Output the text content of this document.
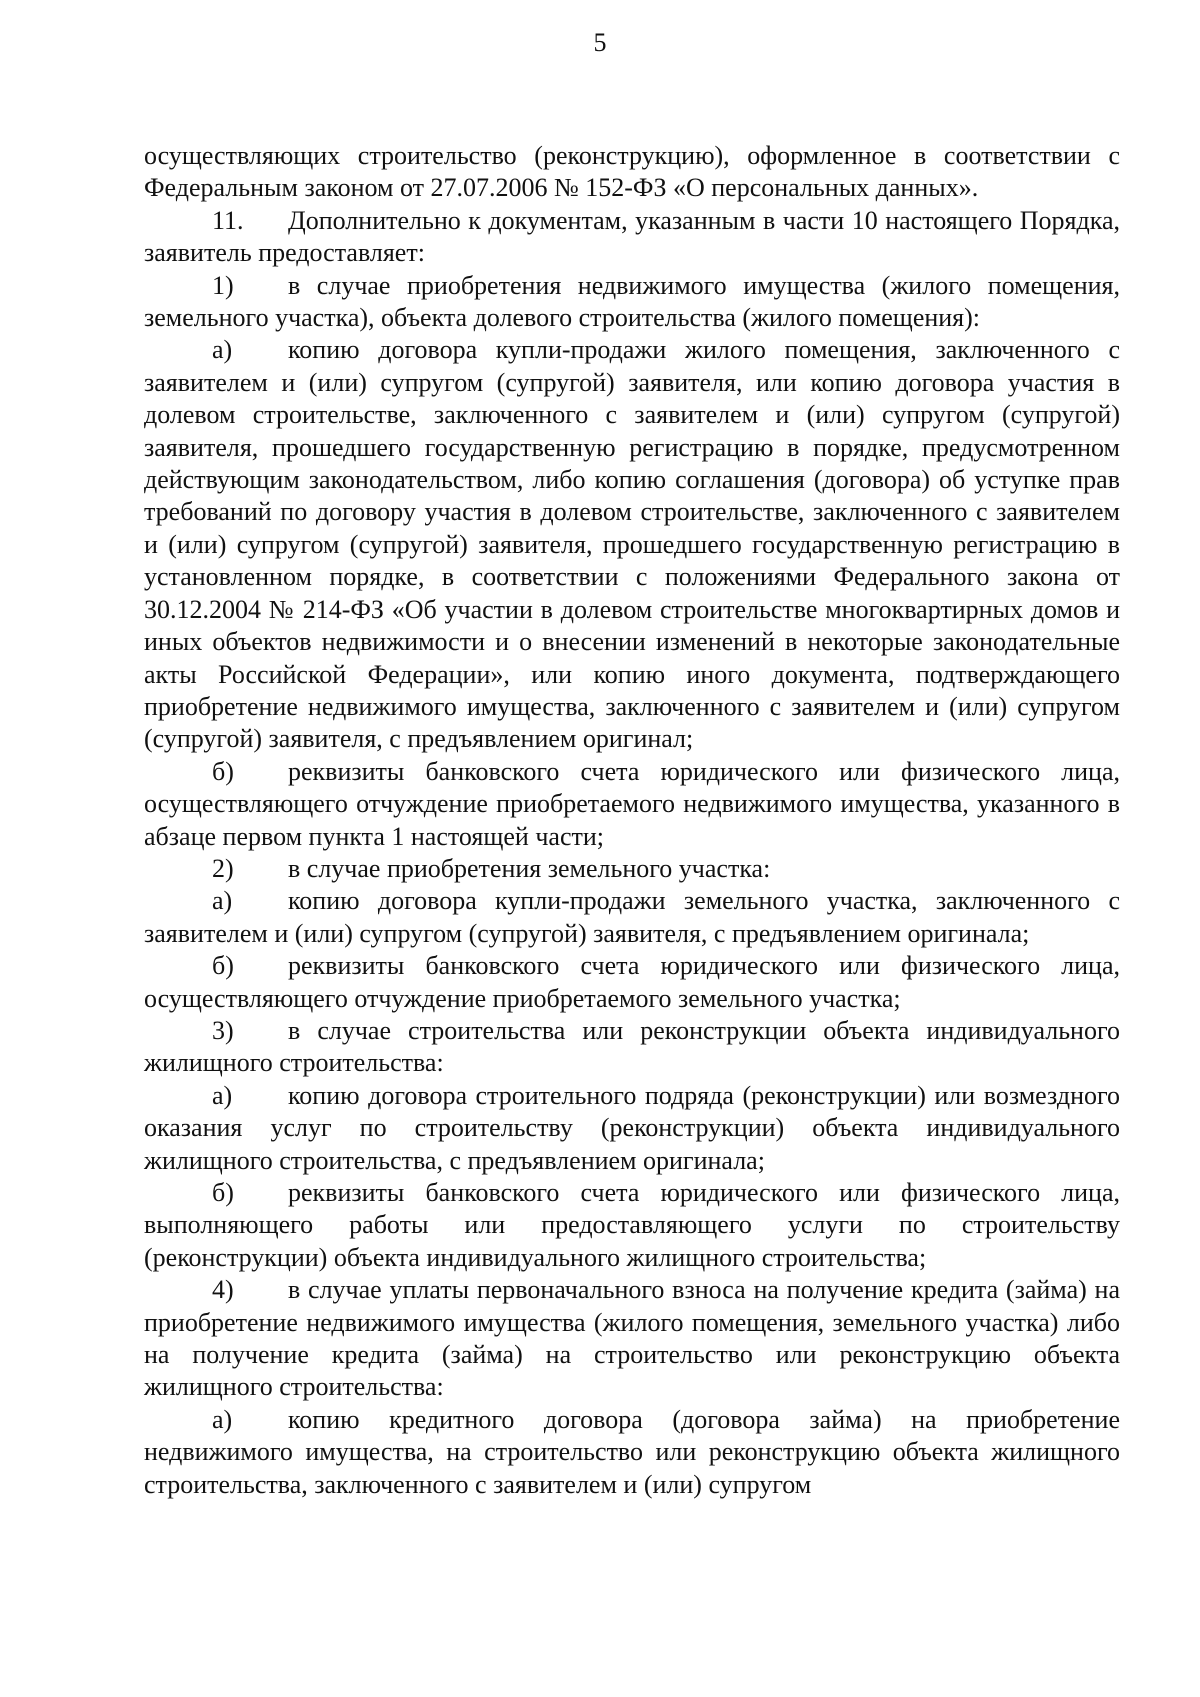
5

осуществляющих строительство (реконструкцию), оформленное в соответствии с Федеральным законом от 27.07.2006 № 152-ФЗ «О персональных данных».

11. Дополнительно к документам, указанным в части 10 настоящего Порядка, заявитель предоставляет:

1) в случае приобретения недвижимого имущества (жилого помещения, земельного участка), объекта долевого строительства (жилого помещения):

а) копию договора купли-продажи жилого помещения, заключенного с заявителем и (или) супругом (супругой) заявителя, или копию договора участия в долевом строительстве, заключенного с заявителем и (или) супругом (супругой) заявителя, прошедшего государственную регистрацию в порядке, предусмотренном действующим законодательством, либо копию соглашения (договора) об уступке прав требований по договору участия в долевом строительстве, заключенного с заявителем и (или) супругом (супругой) заявителя, прошедшего государственную регистрацию в установленном порядке, в соответствии с положениями Федерального закона от 30.12.2004 № 214-ФЗ «Об участии в долевом строительстве многоквартирных домов и иных объектов недвижимости и о внесении изменений в некоторые законодательные акты Российской Федерации», или копию иного документа, подтверждающего приобретение недвижимого имущества, заключенного с заявителем и (или) супругом (супругой) заявителя, с предъявлением оригинал;

б) реквизиты банковского счета юридического или физического лица, осуществляющего отчуждение приобретаемого недвижимого имущества, указанного в абзаце первом пункта 1 настоящей части;

2) в случае приобретения земельного участка:

а) копию договора купли-продажи земельного участка, заключенного с заявителем и (или) супругом (супругой) заявителя, с предъявлением оригинала;

б) реквизиты банковского счета юридического или физического лица, осуществляющего отчуждение приобретаемого земельного участка;

3) в случае строительства или реконструкции объекта индивидуального жилищного строительства:

а) копию договора строительного подряда (реконструкции) или возмездного оказания услуг по строительству (реконструкции) объекта индивидуального жилищного строительства, с предъявлением оригинала;

б) реквизиты банковского счета юридического или физического лица, выполняющего работы или предоставляющего услуги по строительству (реконструкции) объекта индивидуального жилищного строительства;

4) в случае уплаты первоначального взноса на получение кредита (займа) на приобретение недвижимого имущества (жилого помещения, земельного участка) либо на получение кредита (займа) на строительство или реконструкцию объекта жилищного строительства:

а) копию кредитного договора (договора займа) на приобретение недвижимого имущества, на строительство или реконструкцию объекта жилищного строительства, заключенного с заявителем и (или) супругом
